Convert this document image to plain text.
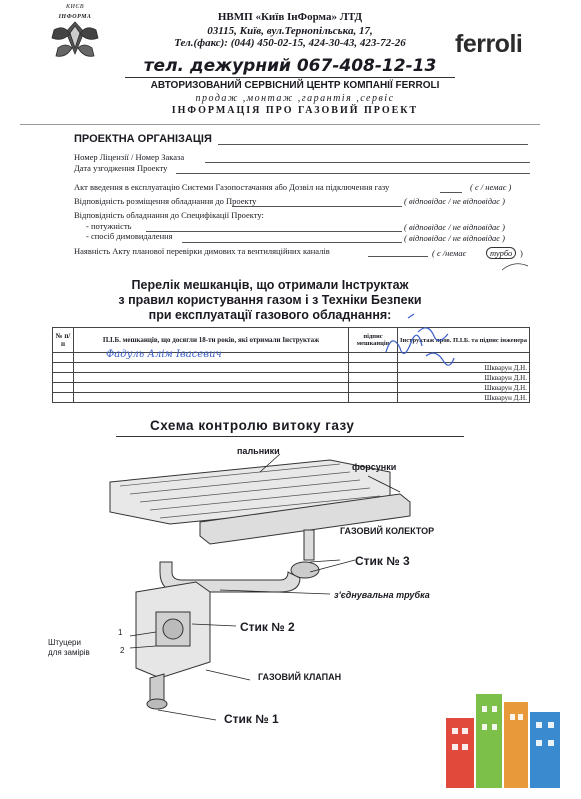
КИЄВ
ІНФОРМА	НВМП «Київ ІнФорма» ЛТД
03115, Київ, вул.Тернопільська, 17,
Тел.(факс): (044) 450-02-15, 424-30-43, 423-72-26	ferroli
тел. дежурний 067-408-12-13
АВТОРИЗОВАНИЙ СЕРВІСНИЙ ЦЕНТР КОМПАНІЇ FERROLI
продаж ,монтаж ,гарантія ,сервіс
ІНФОРМАЦІЯ ПРО ГАЗОВИЙ ПРОЕКТ
ПРОЕКТНА ОРГАНІЗАЦІЯ
Номер Ліцензії / Номер Заказа
Дата узгодження Проекту
Акт введення в експлуатацію Системи Газопостачання або Дозвіл на підключення газу	( є / немає )
Відповідність розміщення обладнання до Проекту	( відповідає / не відповідає )
Відповідність обладнання до Специфікації Проекту:
- потужність	( відповідає / не відповідає )
- спосіб димовидалення	( відповідає / не відповідає )
Наявність Акту планової перевірки димових та вентиляційних каналів	( є /немає	турбо )
Перелік мешканців, що отримали Інструктаж
з правил користування газом і з Техніки Безпеки
при експлуатації газового обладнання:
№ п/п	П.І.Б. мешканців, що досягли 18-ти років, які отримали Інструктаж	підпис мешканців	Інструктаж пров. П.І.Б. та підпис інженера

	Фадуль Алім Івасевич		

			Шкварун Д.Н.
			Шкварун Д.Н.
			Шкварун Д.Н.
			Шкварун Д.Н.
Схема контролю витоку газу
пальники
форсунки
ГАЗОВИЙ КОЛЕКТОР
Стик № 3
з'єднувальна трубка
Стик № 2
Штуцери
для замірів
1
2
ГАЗОВИЙ КЛАПАН
Стик № 1
